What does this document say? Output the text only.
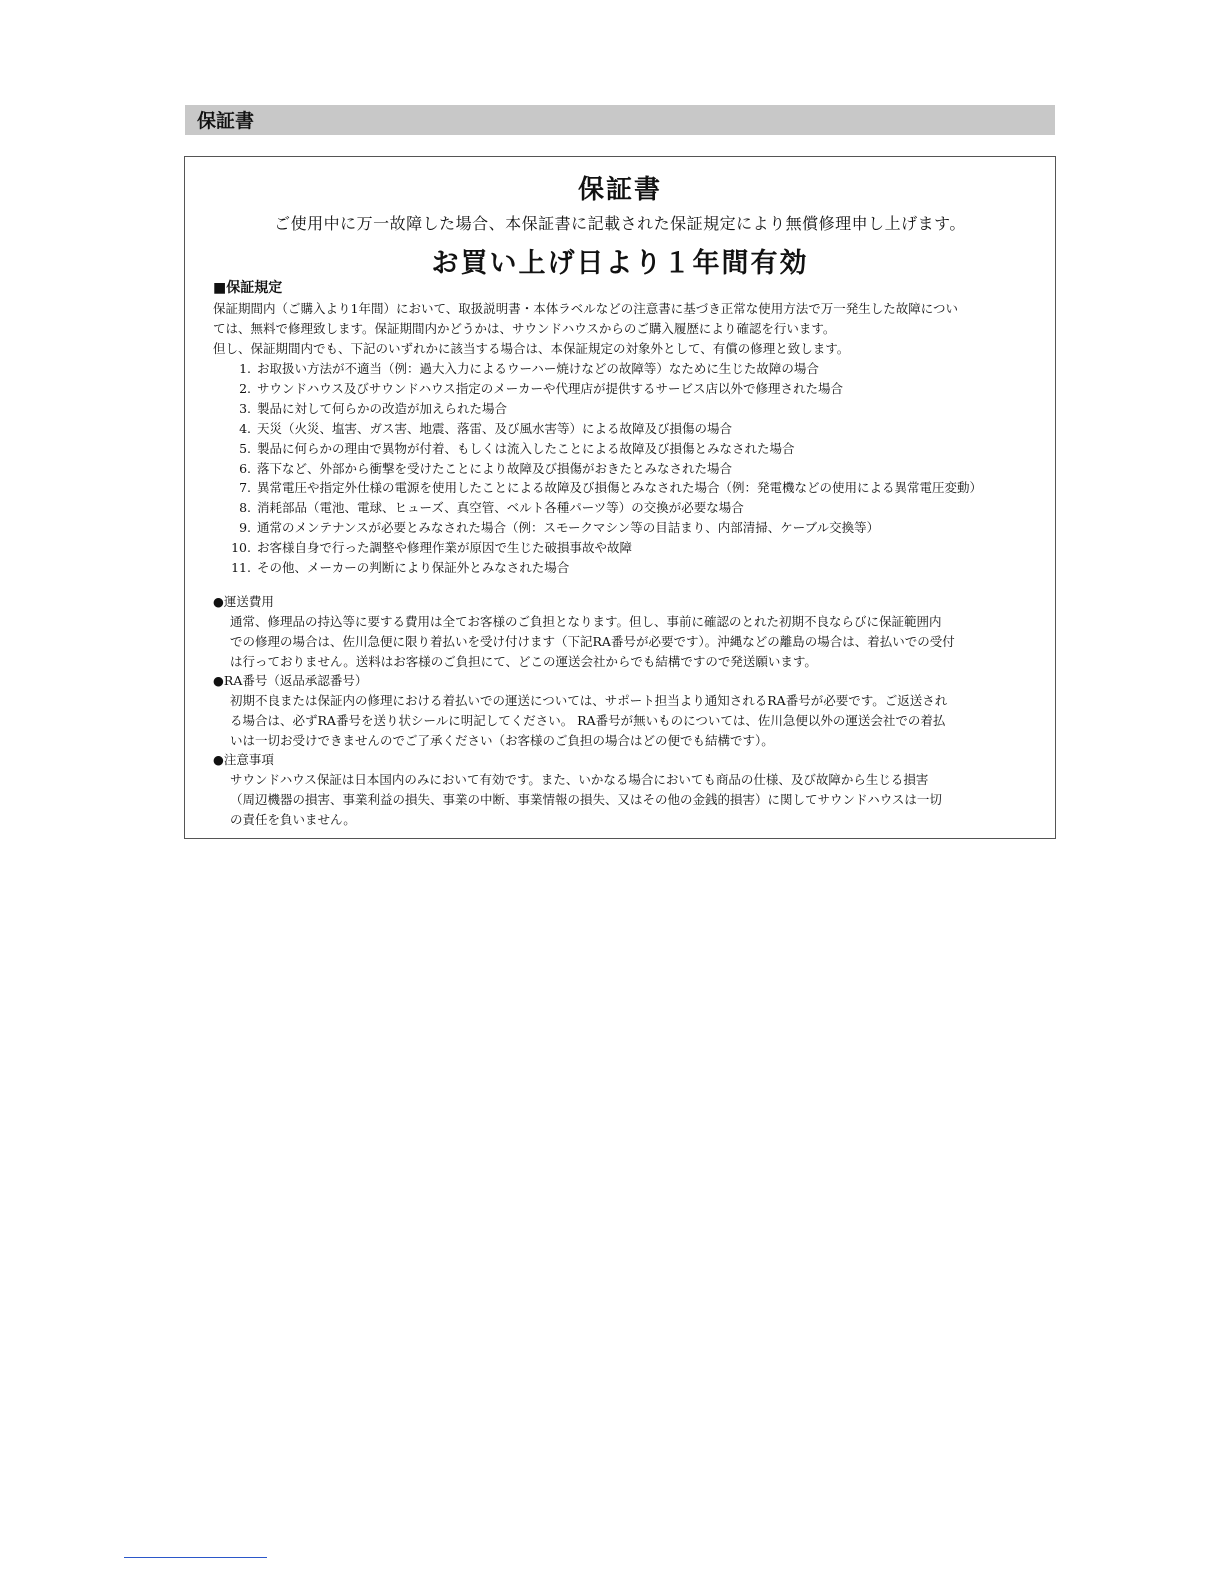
保証書
保証書
ご使用中に万一故障した場合、本保証書に記載された保証規定により無償修理申し上げます。
お買い上げ日より１年間有効
■保証規定
保証期間内（ご購入より1年間）において、取扱説明書・本体ラベルなどの注意書に基づき正常な使用方法で万一発生した故障につい
ては、無料で修理致します。保証期間内かどうかは、サウンドハウスからのご購入履歴により確認を行います。
但し、保証期間内でも、下記のいずれかに該当する場合は、本保証規定の対象外として、有償の修理と致します。
1. お取扱い方法が不適当（例：過大入力によるウーハー焼けなどの故障等）なために生じた故障の場合
2. サウンドハウス及びサウンドハウス指定のメーカーや代理店が提供するサービス店以外で修理された場合
3. 製品に対して何らかの改造が加えられた場合
4. 天災（火災、塩害、ガス害、地震、落雷、及び風水害等）による故障及び損傷の場合
5. 製品に何らかの理由で異物が付着、もしくは流入したことによる故障及び損傷とみなされた場合
6. 落下など、外部から衝撃を受けたことにより故障及び損傷がおきたとみなされた場合
7. 異常電圧や指定外仕様の電源を使用したことによる故障及び損傷とみなされた場合（例：発電機などの使用による異常電圧変動）
8. 消耗部品（電池、電球、ヒューズ、真空管、ベルト各種パーツ等）の交換が必要な場合
9. 通常のメンテナンスが必要とみなされた場合（例：スモークマシン等の目詰まり、内部清掃、ケーブル交換等）
10. お客様自身で行った調整や修理作業が原因で生じた破損事故や故障
11. その他、メーカーの判断により保証外とみなされた場合
●運送費用
通常、修理品の持込等に要する費用は全てお客様のご負担となります。但し、事前に確認のとれた初期不良ならびに保証範囲内
での修理の場合は、佐川急便に限り着払いを受け付けます（下記RA番号が必要です）。沖縄などの離島の場合は、着払いでの受付
は行っておりません。送料はお客様のご負担にて、どこの運送会社からでも結構ですので発送願います。
●RA番号（返品承認番号）
初期不良または保証内の修理における着払いでの運送については、サポート担当より通知されるRA番号が必要です。ご返送され
る場合は、必ずRA番号を送り状シールに明記してください。 RA番号が無いものについては、佐川急便以外の運送会社での着払
いは一切お受けできませんのでご了承ください（お客様のご負担の場合はどの便でも結構です）。
●注意事項
サウンドハウス保証は日本国内のみにおいて有効です。また、いかなる場合においても商品の仕様、及び故障から生じる損害
（周辺機器の損害、事業利益の損失、事業の中断、事業情報の損失、又はその他の金銭的損害）に関してサウンドハウスは一切
の責任を負いません。
